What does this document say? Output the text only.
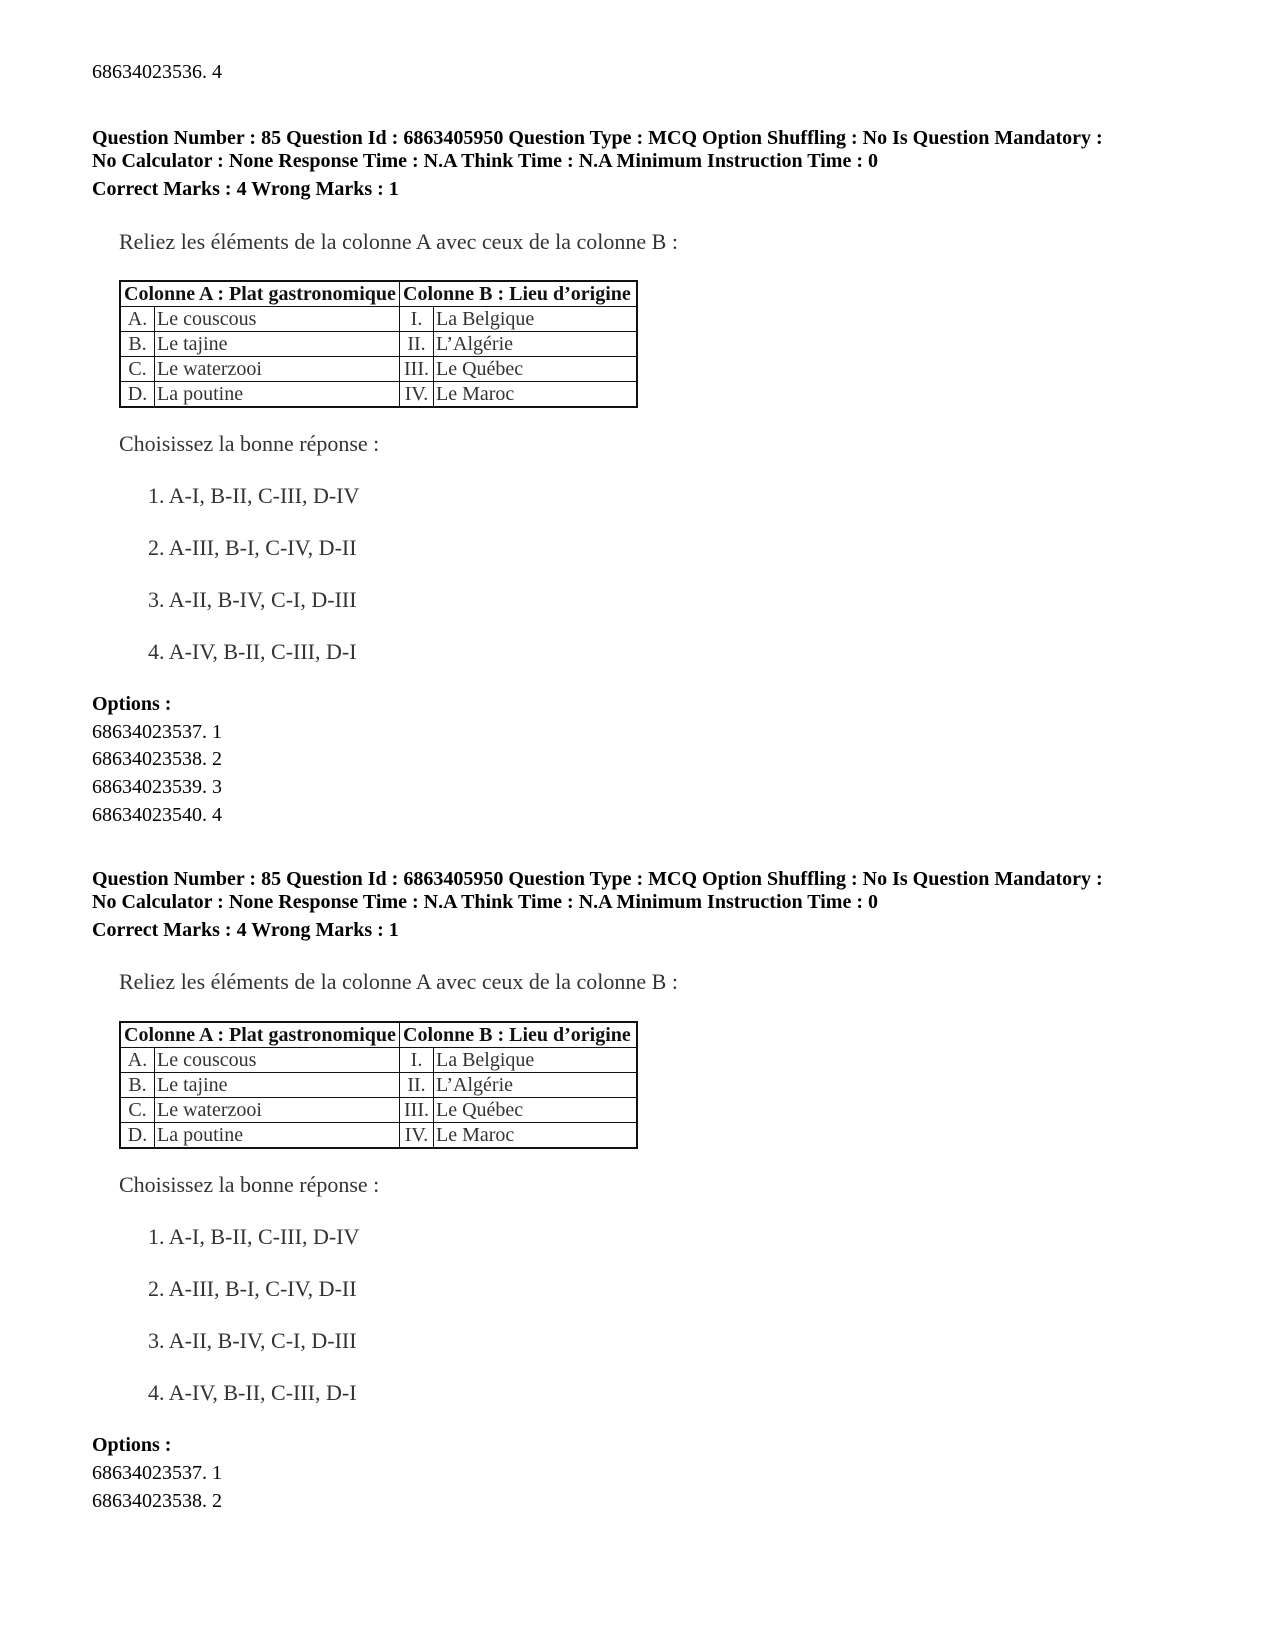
68634023536. 4
Question Number : 85 Question Id : 6863405950 Question Type : MCQ Option Shuffling : No Is Question Mandatory :
No Calculator : None Response Time : N.A Think Time : N.A Minimum Instruction Time : 0
Correct Marks : 4 Wrong Marks : 1
Reliez les éléments de la colonne A avec ceux de la colonne B :
Colonne A : Plat gastronomique		Colonne B : Lieu d’origine	
A.	Le couscous	I.	La Belgique
B.	Le tajine	II.	L’Algérie
C.	Le waterzooi	III.	Le Québec
D.	La poutine	IV.	Le Maroc
Choisissez la bonne réponse :
1. A-I, B-II, C-III, D-IV
2. A-III, B-I, C-IV, D-II
3. A-II, B-IV, C-I, D-III
4. A-IV, B-II, C-III, D-I
Options :
68634023537. 1
68634023538. 2
68634023539. 3
68634023540. 4
Question Number : 85 Question Id : 6863405950 Question Type : MCQ Option Shuffling : No Is Question Mandatory :
No Calculator : None Response Time : N.A Think Time : N.A Minimum Instruction Time : 0
Correct Marks : 4 Wrong Marks : 1
Reliez les éléments de la colonne A avec ceux de la colonne B :
Colonne A : Plat gastronomique		Colonne B : Lieu d’origine	
A.	Le couscous	I.	La Belgique
B.	Le tajine	II.	L’Algérie
C.	Le waterzooi	III.	Le Québec
D.	La poutine	IV.	Le Maroc
Choisissez la bonne réponse :
1. A-I, B-II, C-III, D-IV
2. A-III, B-I, C-IV, D-II
3. A-II, B-IV, C-I, D-III
4. A-IV, B-II, C-III, D-I
Options :
68634023537. 1
68634023538. 2
